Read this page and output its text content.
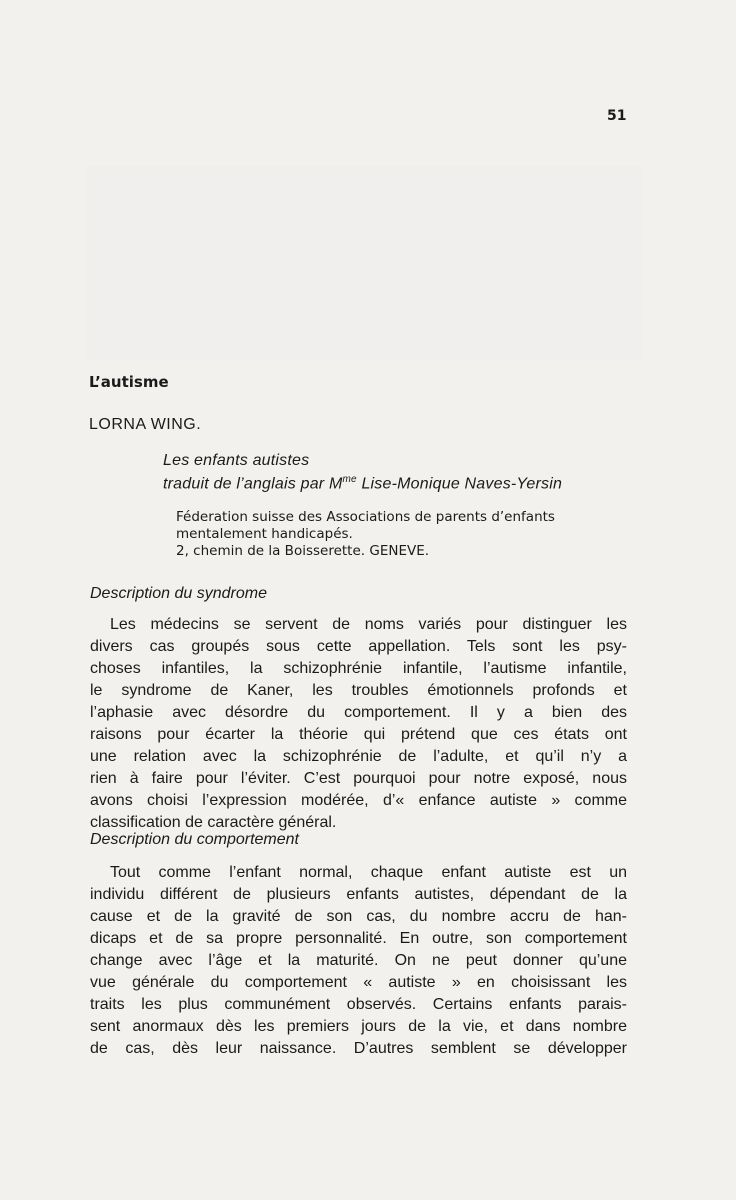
51
L’autisme
LORNA WING.
Les enfants autistes
traduit de l’anglais par $M^{me}$ Lise-Monique Naves-Yersin
Féderation suisse des Associations de parents d’enfants
mentalement handicapés.
2, chemin de la Boisserette. GENEVE.
Description du syndrome
Les médecins se servent de noms variés pour distinguer les
divers cas groupés sous cette appellation. Tels sont les psy-
choses infantiles, la schizophrénie infantile, l’autisme infantile,
le syndrome de Kaner, les troubles émotionnels profonds et
l’aphasie avec désordre du comportement. Il y a bien des
raisons pour écarter la théorie qui prétend que ces états ont
une relation avec la schizophrénie de l’adulte, et qu’il n’y a
rien à faire pour l’éviter. C’est pourquoi pour notre exposé, nous
avons choisi l’expression modérée, d’« enfance autiste » comme
classification de caractère général.
Description du comportement
Tout comme l’enfant normal, chaque enfant autiste est un
individu différent de plusieurs enfants autistes, dépendant de la
cause et de la gravité de son cas, du nombre accru de han-
dicaps et de sa propre personnalité. En outre, son comportement
change avec l’âge et la maturité. On ne peut donner qu’une
vue générale du comportement « autiste » en choisissant les
traits les plus communément observés. Certains enfants parais-
sent anormaux dès les premiers jours de la vie, et dans nombre
de cas, dès leur naissance. D’autres semblent se développer
